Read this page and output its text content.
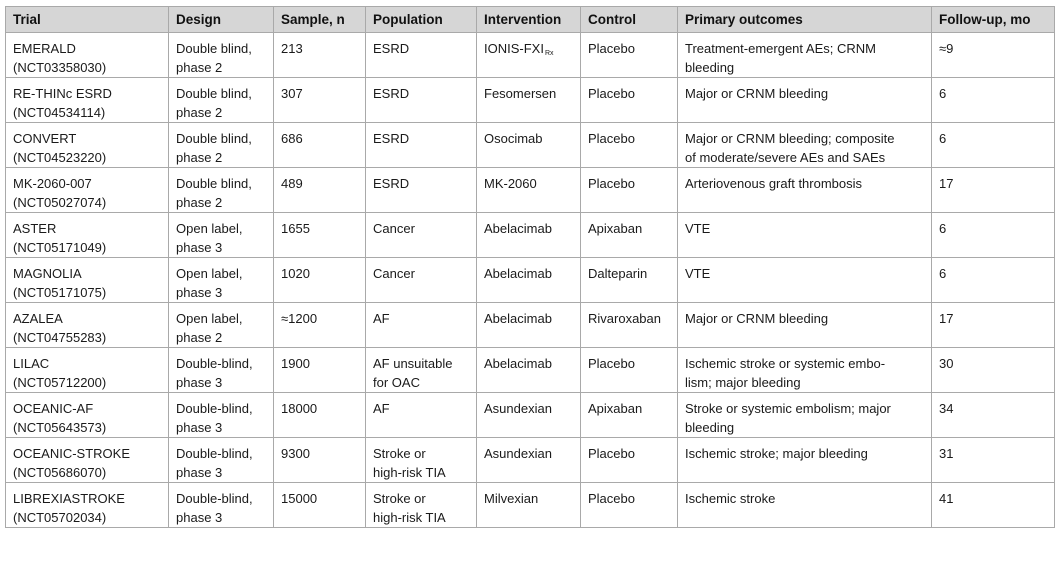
Trial	Design	Sample, n	Population	Intervention	Control	Primary outcomes	Follow-up, mo

EMERALD
(NCT03358030)	Double blind,
phase 2	213	ESRD	IONIS-$FXI_{Rx}$	Placebo	Treatment-emergent AEs; CRNM
bleeding	≈9

RE-THINc ESRD
(NCT04534114)	Double blind,
phase 2	307	ESRD	Fesomersen	Placebo	Major or CRNM bleeding	6

CONVERT
(NCT04523220)	Double blind,
phase 2	686	ESRD	Osocimab	Placebo	Major or CRNM bleeding; composite
of moderate/severe AEs and SAEs	6

MK-2060-007
(NCT05027074)	Double blind,
phase 2	489	ESRD	MK-2060	Placebo	Arteriovenous graft thrombosis	17

ASTER
(NCT05171049)	Open label,
phase 3	1655	Cancer	Abelacimab	Apixaban	VTE	6

MAGNOLIA
(NCT05171075)	Open label,
phase 3	1020	Cancer	Abelacimab	Dalteparin	VTE	6

AZALEA
(NCT04755283)	Open label,
phase 2	≈1200	AF	Abelacimab	Rivaroxaban	Major or CRNM bleeding	17

LILAC
(NCT05712200)	Double-blind,
phase 3	1900	AF unsuitable
for OAC	Abelacimab	Placebo	Ischemic stroke or systemic embo-
lism; major bleeding	30

OCEANIC-AF
(NCT05643573)	Double-blind,
phase 3	18000	AF	Asundexian	Apixaban	Stroke or systemic embolism; major
bleeding	34

OCEANIC-STROKE
(NCT05686070)	Double-blind,
phase 3	9300	Stroke or
high-risk TIA	Asundexian	Placebo	Ischemic stroke; major bleeding	31

LIBREXIASTROKE
(NCT05702034)	Double-blind,
phase 3	15000	Stroke or
high-risk TIA	Milvexian	Placebo	Ischemic stroke	41
